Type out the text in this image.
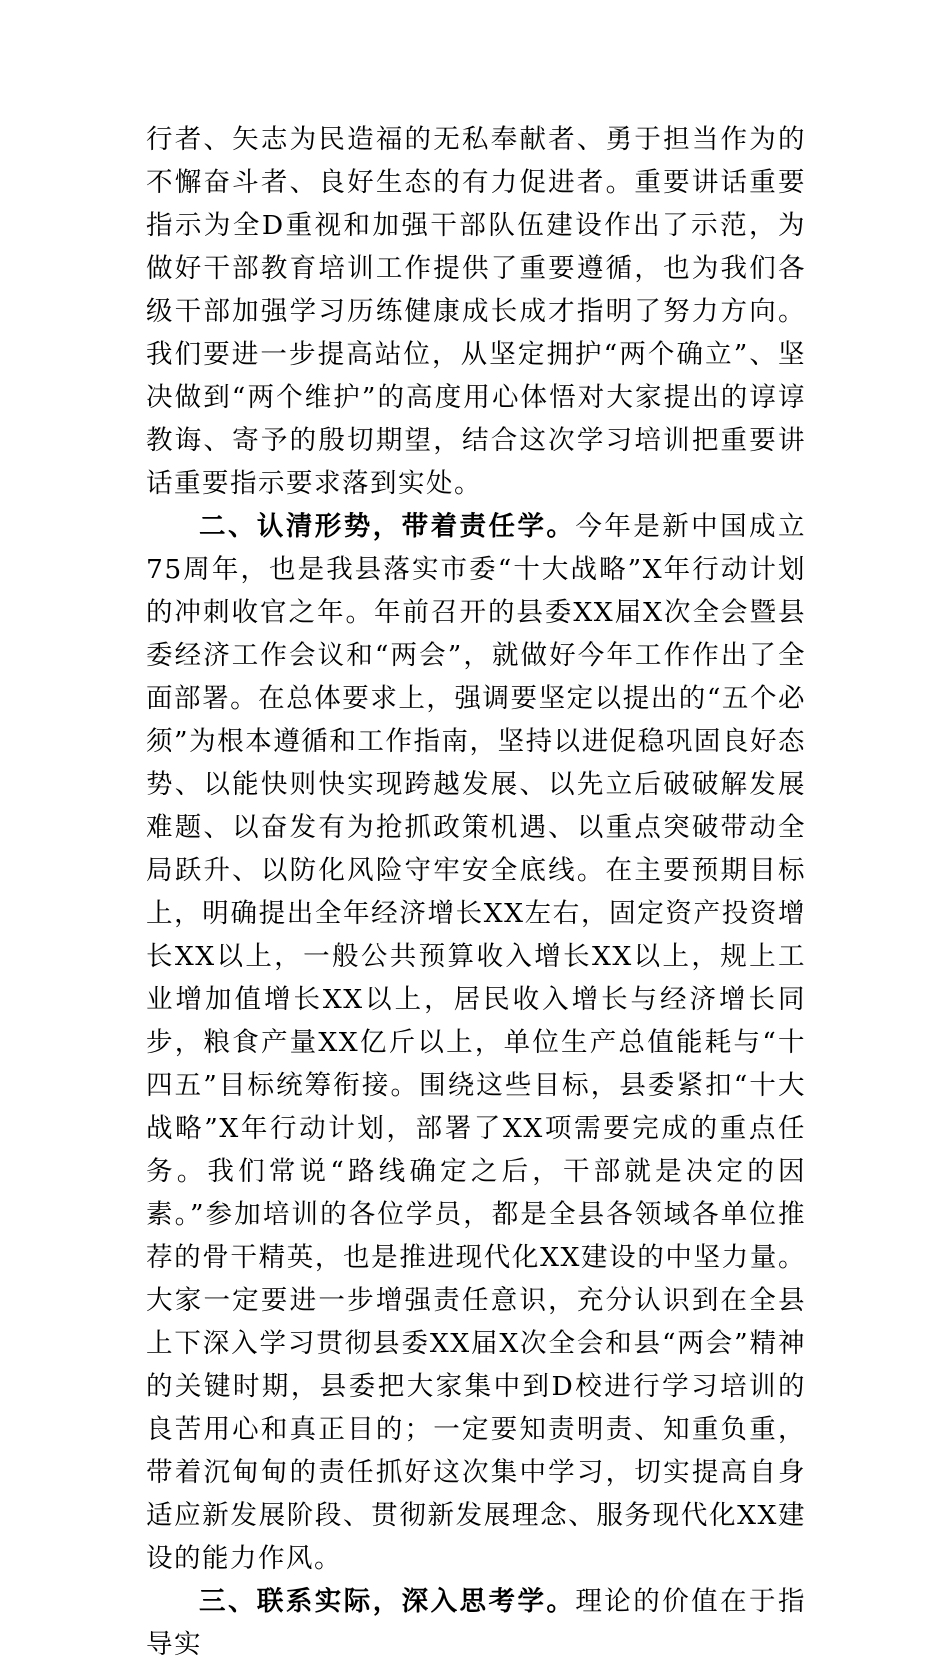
行者、矢志为民造福的无私奉献者、勇于担当作为的不懈奋斗者、良好生态的有力促进者。重要讲话重要指示为全D重视和加强干部队伍建设作出了示范，为做好干部教育培训工作提供了重要遵循，也为我们各级干部加强学习历练健康成长成才指明了努力方向。我们要进一步提高站位，从坚定拥护“两个确立”、坚决做到“两个维护”的高度用心体悟对大家提出的谆谆教诲、寄予的殷切期望，结合这次学习培训把重要讲话重要指示要求落到实处。

二、认清形势，带着责任学。今年是新中国成立75周年，也是我县落实市委“十大战略”X年行动计划的冲刺收官之年。年前召开的县委XX届X次全会暨县委经济工作会议和“两会”，就做好今年工作作出了全面部署。在总体要求上，强调要坚定以提出的“五个必须”为根本遵循和工作指南，坚持以进促稳巩固良好态势、以能快则快实现跨越发展、以先立后破破解发展难题、以奋发有为抢抓政策机遇、以重点突破带动全局跃升、以防化风险守牢安全底线。在主要预期目标上，明确提出全年经济增长XX左右，固定资产投资增长XX以上，一般公共预算收入增长XX以上，规上工业增加值增长XX以上，居民收入增长与经济增长同步，粮食产量XX亿斤以上，单位生产总值能耗与“十四五”目标统筹衔接。围绕这些目标，县委紧扣“十大战略”X年行动计划，部署了XX项需要完成的重点任务。我们常说“路线确定之后，干部就是决定的因素。”参加培训的各位学员，都是全县各领域各单位推荐的骨干精英，也是推进现代化XX建设的中坚力量。大家一定要进一步增强责任意识，充分认识到在全县上下深入学习贯彻县委XX届X次全会和县“两会”精神的关键时期，县委把大家集中到D校进行学习培训的良苦用心和真正目的；一定要知责明责、知重负重，带着沉甸甸的责任抓好这次集中学习，切实提高自身适应新发展阶段、贯彻新发展理念、服务现代化XX建设的能力作风。

三、联系实际，深入思考学。理论的价值在于指导实
